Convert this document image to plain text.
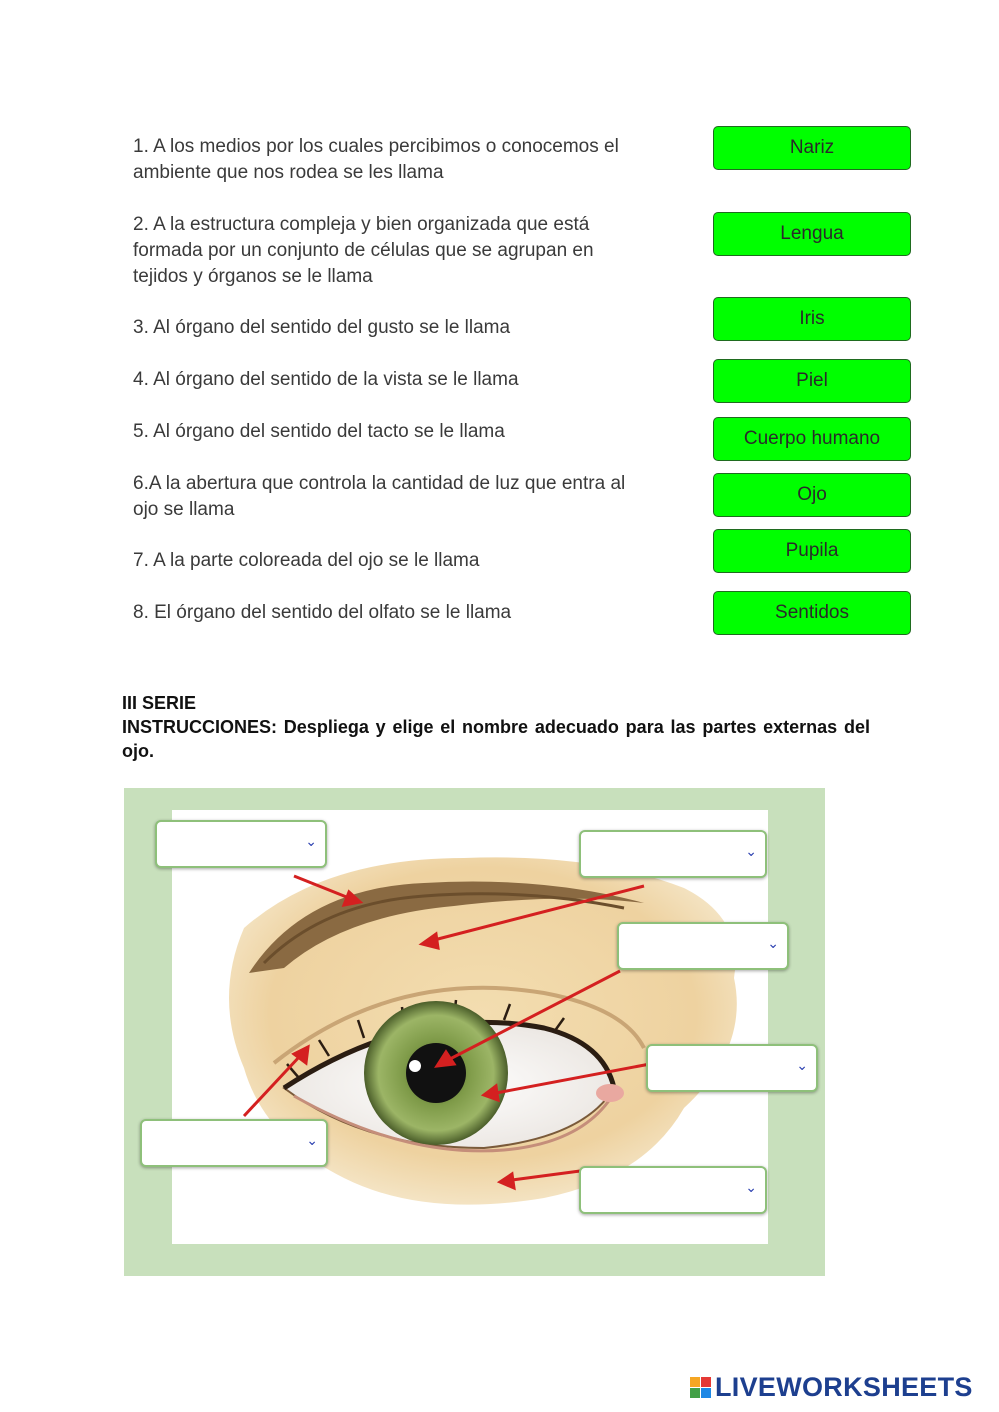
1. A los medios por los cuales percibimos o conocemos el ambiente que nos rodea se les llama
2. A la estructura compleja y bien organizada que está formada por un conjunto de células que se agrupan en tejidos y órganos se le llama
3. Al órgano del sentido del gusto se le llama
4. Al órgano del sentido de la vista se le llama
5. Al órgano del sentido del tacto se le llama
6.A la abertura que controla la cantidad de luz que entra al ojo se llama
7. A la parte coloreada del ojo se le llama
8. El órgano del sentido del olfato se le llama
Nariz
Lengua
Iris
Piel
Cuerpo humano
Ojo
Pupila
Sentidos
III SERIE
INSTRUCCIONES: Despliega y elige el nombre adecuado para las partes externas del ojo.
⌄
⌄
⌄
⌄
⌄
⌄
LIVEWORKSHEETS
